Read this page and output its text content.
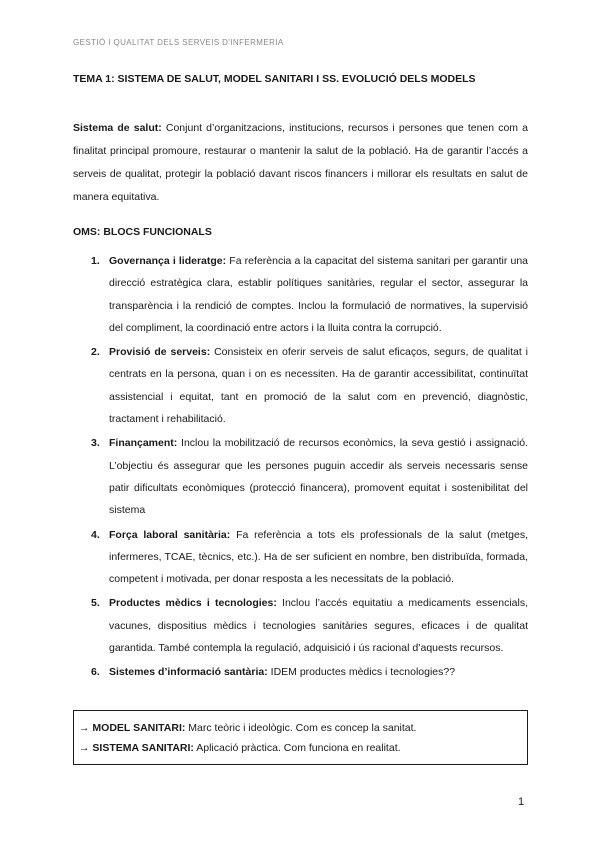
GESTIÓ I QUALITAT DELS SERVEIS D'INFERMERIA
TEMA 1: SISTEMA DE SALUT, MODEL SANITARI I SS. EVOLUCIÓ DELS MODELS
Sistema de salut: Conjunt d’organitzacions, institucions, recursos i persones que tenen com a finalitat principal promoure, restaurar o mantenir la salut de la població. Ha de garantir l’accés a serveis de qualitat, protegir la població davant riscos financers i millorar els resultats en salut de manera equitativa.
OMS: BLOCS FUNCIONALS
1. Governança i lideratge: Fa referència a la capacitat del sistema sanitari per garantir una direcció estratègica clara, establir polítiques sanitàries, regular el sector, assegurar la transparència i la rendició de comptes. Inclou la formulació de normatives, la supervisió del compliment, la coordinació entre actors i la lluita contra la corrupció.
2. Provisió de serveis: Consisteix en oferir serveis de salut eficaços, segurs, de qualitat i centrats en la persona, quan i on es necessiten. Ha de garantir accessibilitat, continuïtat assistencial i equitat, tant en promoció de la salut com en prevenció, diagnòstic, tractament i rehabilitació.
3. Finançament: Inclou la mobilització de recursos econòmics, la seva gestió i assignació. L’objectiu és assegurar que les persones puguin accedir als serveis necessaris sense patir dificultats econòmiques (protecció financera), promovent equitat i sostenibilitat del sistema
4. Força laboral sanitària: Fa referència a tots els professionals de la salut (metges, infermeres, TCAE, tècnics, etc.). Ha de ser suficient en nombre, ben distribuïda, formada, competent i motivada, per donar resposta a les necessitats de la població.
5. Productes mèdics i tecnologies: Inclou l’accés equitatiu a medicaments essencials, vacunes, dispositius mèdics i tecnologies sanitàries segures, eficaces i de qualitat garantida. També contempla la regulació, adquisició i ús racional d’aquests recursos.
6. Sistemes d’informació santària: IDEM productes mèdics i tecnologies??
→ MODEL SANITARI: Marc teòric i ideològic. Com es concep la sanitat.
→ SISTEMA SANITARI: Aplicació pràctica. Com funciona en realitat.
1
